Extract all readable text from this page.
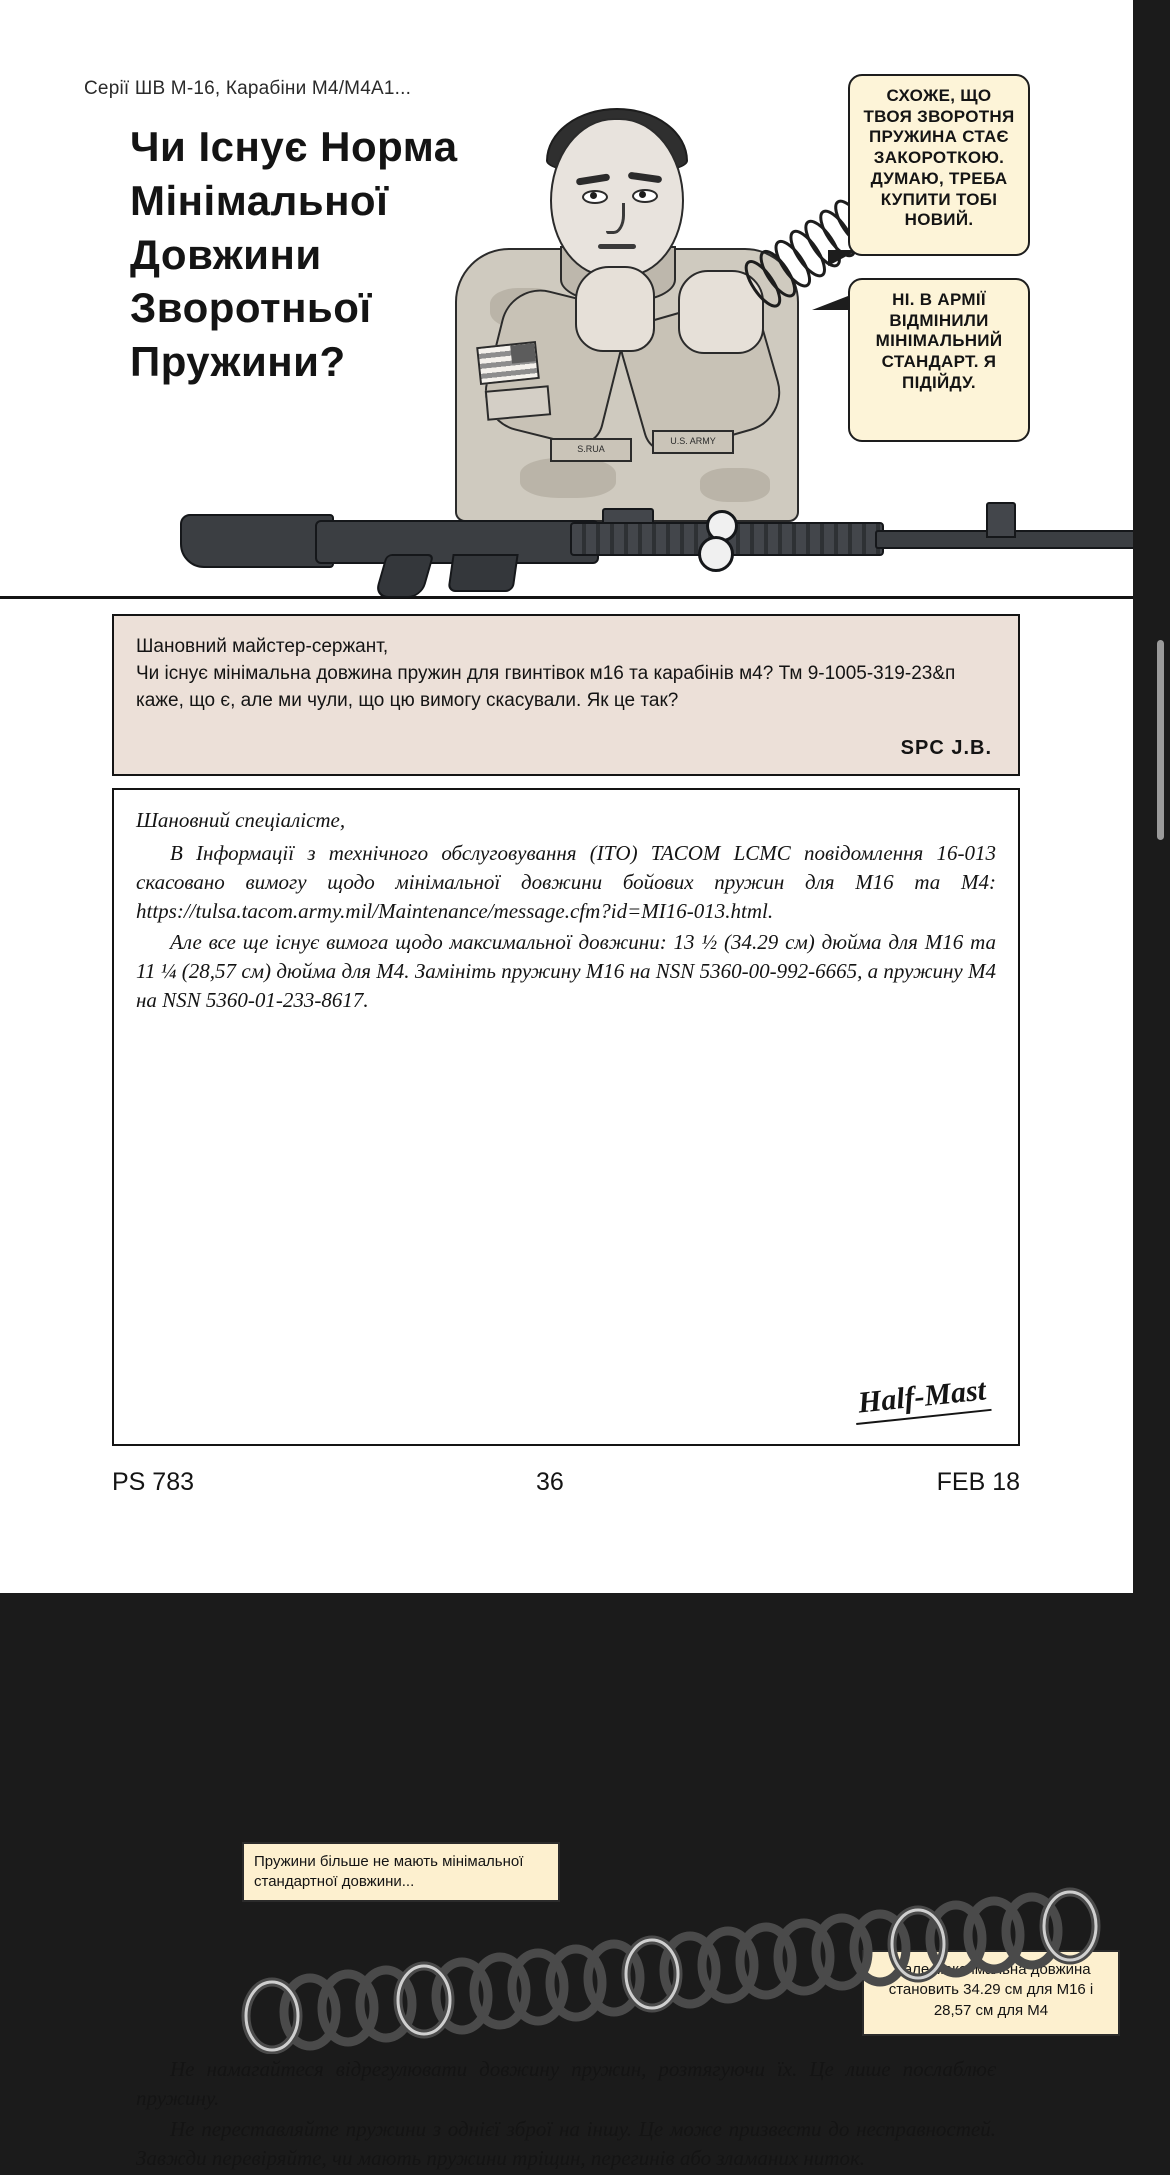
Серії ШВ M-16, Карабіни M4/M4A1...
Чи Існує Норма Мінімальної Довжини Зворотньої Пружини?
S.RUA
U.S. ARMY
СХОЖЕ, ЩО ТВОЯ ЗВОРОТНЯ ПРУЖИНА СТАЄ ЗАКОРОТКОЮ. ДУМАЮ, ТРЕБА КУПИТИ ТОБІ НОВИЙ.
НІ. В АРМІЇ ВІДМІНИЛИ МІНІМАЛЬНИЙ СТАНДАРТ. Я ПІДІЙДУ.

Шановний майстер-сержант,

Чи існує мінімальна довжина пружин для гвинтівок м16 та карабінів м4? Тм 9-1005-319-23&п каже, що є, але ми чули, що цю вимогу скасували. Як це так?

SPC J.B.

Шановний спеціалісте,

В Інформації з технічного обслуговування (ІТО) TACOM LCMC повідомлення 16-013 скасовано вимогу щодо мінімальної довжини бойових пружин для M16 та M4: https://tulsa.tacom.army.mil/Maintenance/message.cfm?id=MI16-013.html.

Але все ще існує вимога щодо максимальної довжини: 13 ½ (34.29 см) дюйма для M16 та 11 ¼ (28,57 см) дюйма для M4. Замініть пружину M16 на NSN 5360-00-992-6665, а пружину M4 на NSN 5360-01-233-8617.

Пружини більше не мають мінімальної стандартної довжини...
...але максимальна довжина становить 34.29 см для M16 і 28,57 см для M4

Не намагайтеся відрегулювати довжину пружин, розтягуючи їх. Це лише послаблює пружину.

Не переставляйте пружини з однієї зброї на іншу. Це може призвести до несправностей. Завжди перевіряйте, чи мають пружини тріщин, перегинів або зламаних ниток.

Half-Mast
PS 783	36	FEB 18
